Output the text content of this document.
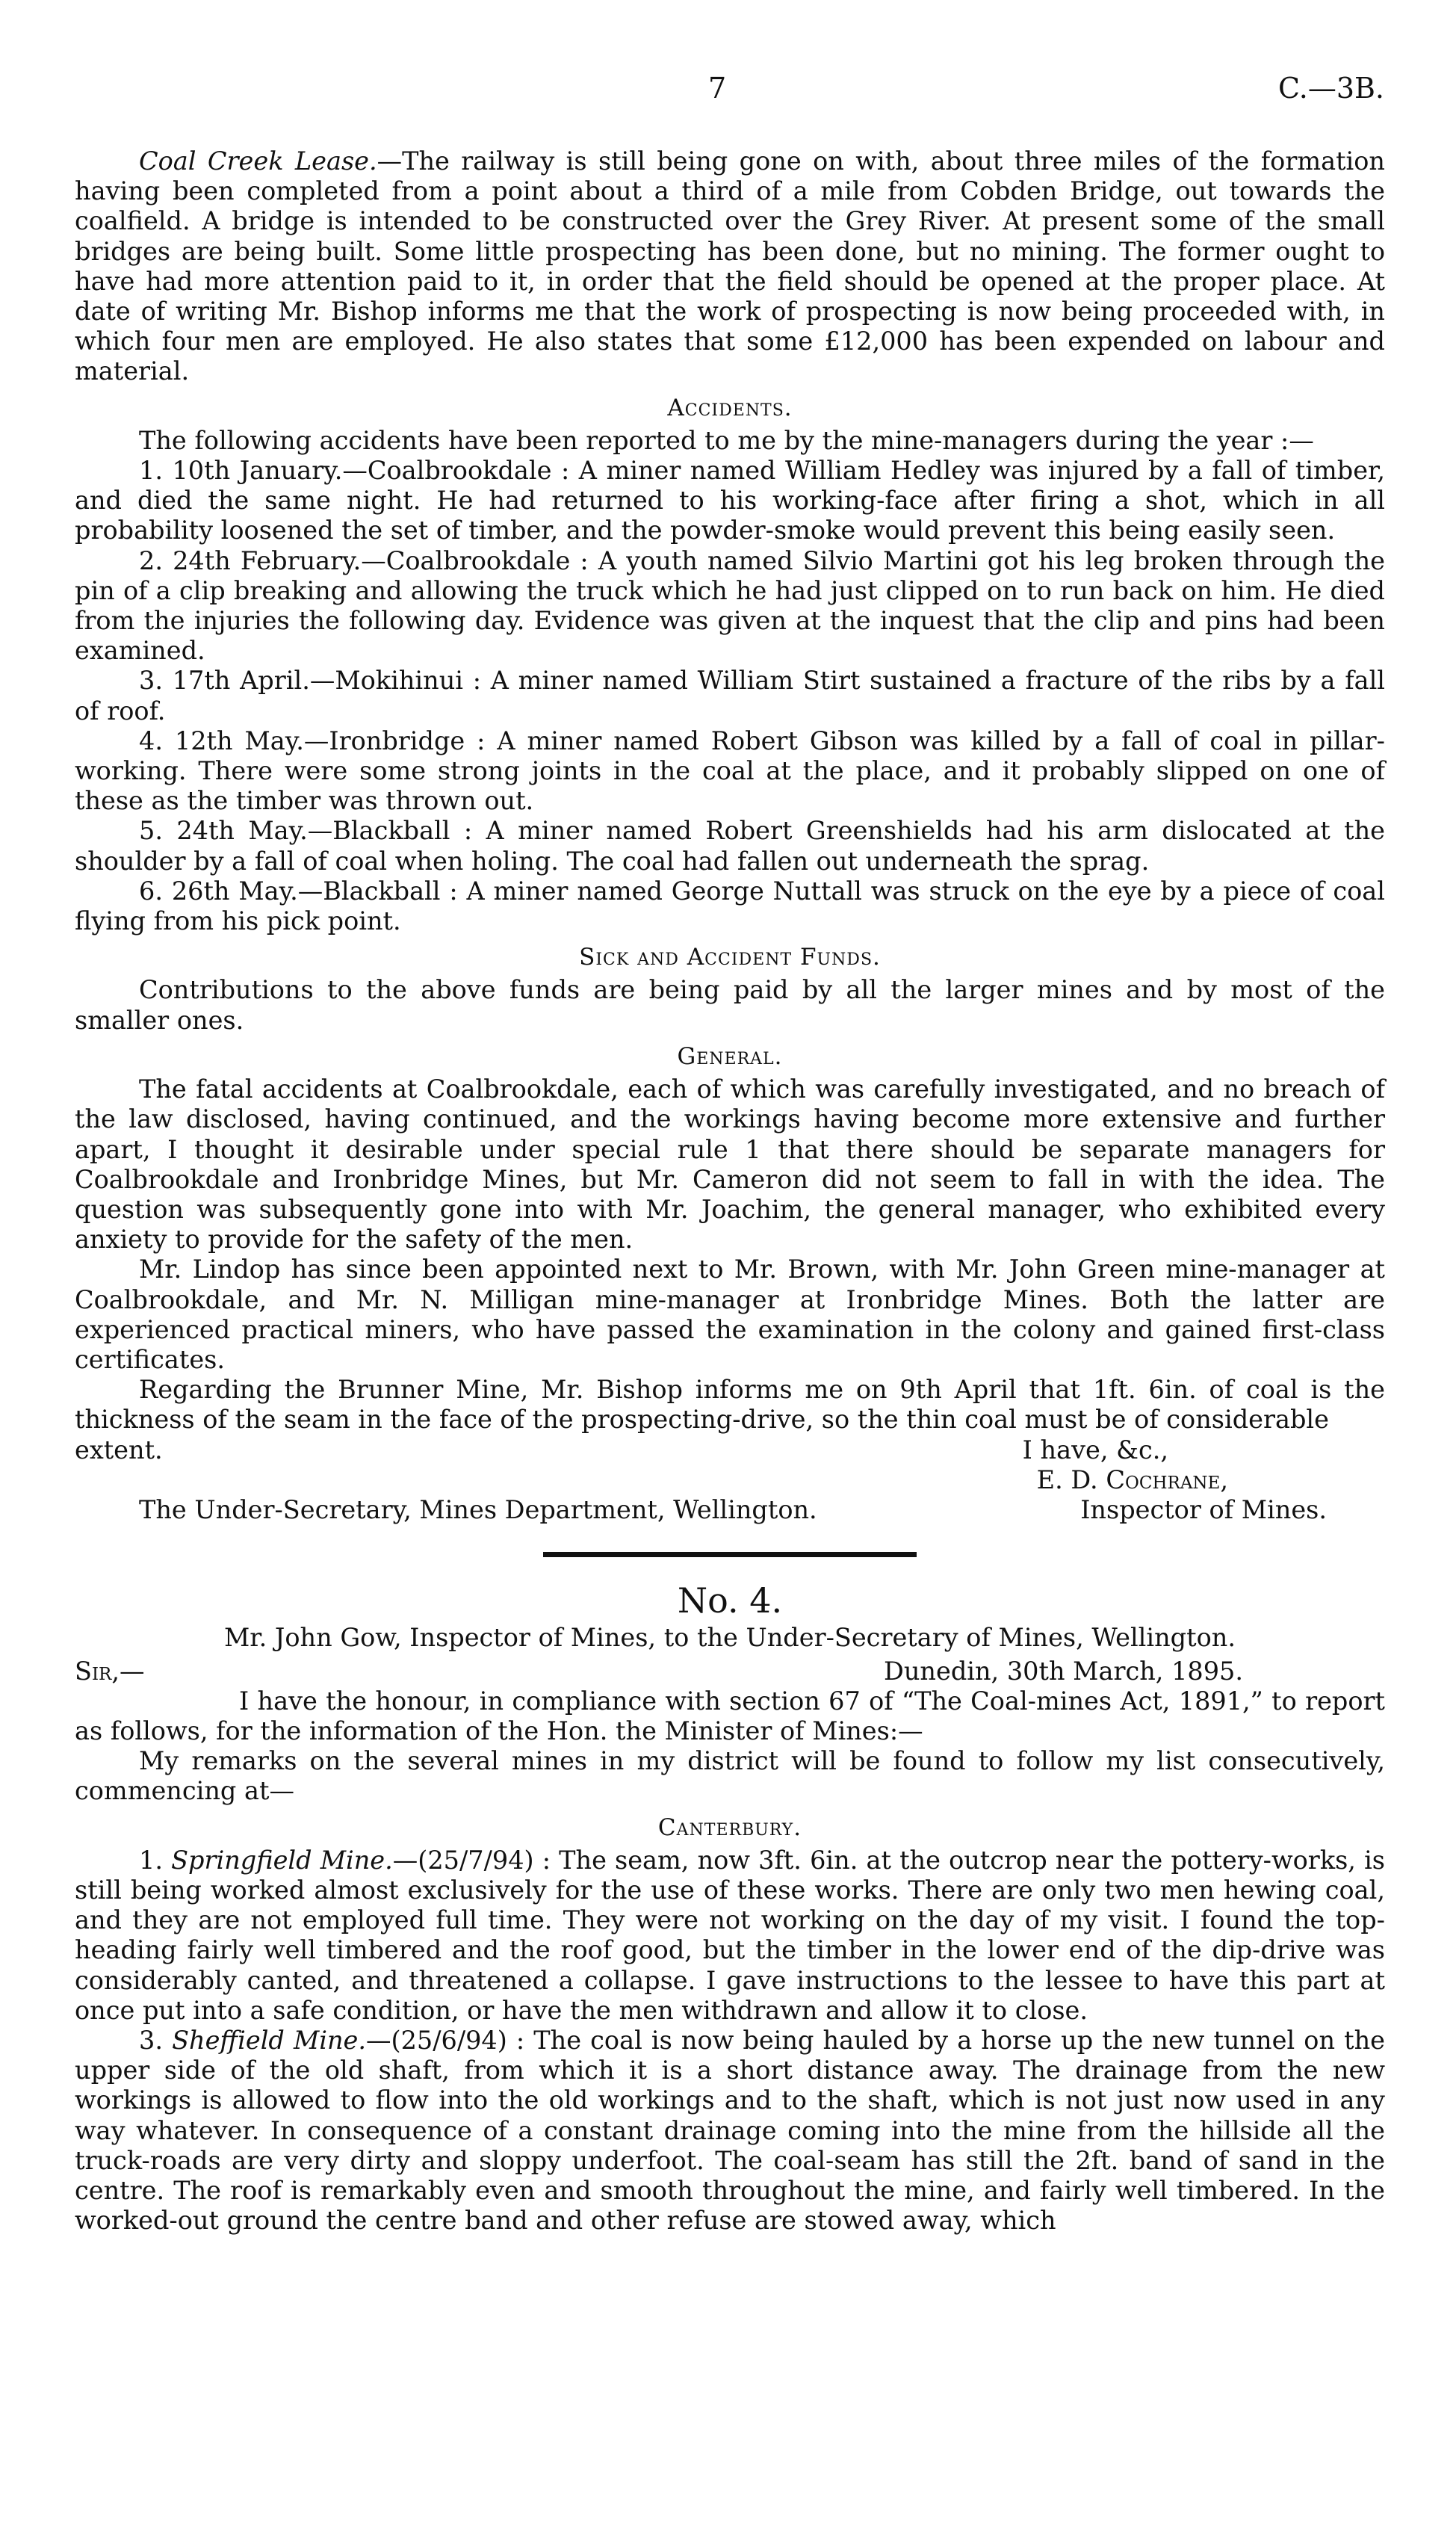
7	C.—3B.

Coal Creek Lease.—The railway is still being gone on with, about three miles of the formation having been completed from a point about a third of a mile from Cobden Bridge, out towards the coalfield. A bridge is intended to be constructed over the Grey River. At present some of the small bridges are being built. Some little prospecting has been done, but no mining. The former ought to have had more attention paid to it, in order that the field should be opened at the proper place. At date of writing Mr. Bishop informs me that the work of prospecting is now being proceeded with, in which four men are employed. He also states that some £12,000 has been expended on labour and material.

Accidents.

The following accidents have been reported to me by the mine-managers during the year :—

1. 10th January.—Coalbrookdale : A miner named William Hedley was injured by a fall of timber, and died the same night. He had returned to his working-face after firing a shot, which in all probability loosened the set of timber, and the powder-smoke would prevent this being easily seen.

2. 24th February.—Coalbrookdale : A youth named Silvio Martini got his leg broken through the pin of a clip breaking and allowing the truck which he had just clipped on to run back on him. He died from the injuries the following day. Evidence was given at the inquest that the clip and pins had been examined.

3. 17th April.—Mokihinui : A miner named William Stirt sustained a fracture of the ribs by a fall of roof.

4. 12th May.—Ironbridge : A miner named Robert Gibson was killed by a fall of coal in pillar-working. There were some strong joints in the coal at the place, and it probably slipped on one of these as the timber was thrown out.

5. 24th May.—Blackball : A miner named Robert Greenshields had his arm dislocated at the shoulder by a fall of coal when holing. The coal had fallen out underneath the sprag.

6. 26th May.—Blackball : A miner named George Nuttall was struck on the eye by a piece of coal flying from his pick point.

Sick and Accident Funds.

Contributions to the above funds are being paid by all the larger mines and by most of the smaller ones.

General.

The fatal accidents at Coalbrookdale, each of which was carefully investigated, and no breach of the law disclosed, having continued, and the workings having become more extensive and further apart, I thought it desirable under special rule 1 that there should be separate managers for Coalbrookdale and Ironbridge Mines, but Mr. Cameron did not seem to fall in with the idea. The question was subsequently gone into with Mr. Joachim, the general manager, who exhibited every anxiety to provide for the safety of the men.

Mr. Lindop has since been appointed next to Mr. Brown, with Mr. John Green mine-manager at Coalbrookdale, and Mr. N. Milligan mine-manager at Ironbridge Mines. Both the latter are experienced practical miners, who have passed the examination in the colony and gained first-class certificates.

Regarding the Brunner Mine, Mr. Bishop informs me on 9th April that 1ft. 6in. of coal is the thickness of the seam in the face of the prospecting-drive, so the thin coal must be of considerable

extent.	I have, &c.,
E. D. Cochrane,
The Under-Secretary, Mines Department, Wellington.	Inspector of Mines.
No. 4.
Mr. John Gow, Inspector of Mines, to the Under-Secretary of Mines, Wellington.
Sir,—	Dunedin, 30th March, 1895.

I have the honour, in compliance with section 67 of “The Coal-mines Act, 1891,” to report as follows, for the information of the Hon. the Minister of Mines:—

My remarks on the several mines in my district will be found to follow my list consecutively, commencing at—

Canterbury.

1. Springfield Mine.—(25/7/94) : The seam, now 3ft. 6in. at the outcrop near the pottery-works, is still being worked almost exclusively for the use of these works. There are only two men hewing coal, and they are not employed full time. They were not working on the day of my visit. I found the top-heading fairly well timbered and the roof good, but the timber in the lower end of the dip-drive was considerably canted, and threatened a collapse. I gave instructions to the lessee to have this part at once put into a safe condition, or have the men withdrawn and allow it to close.

3. Sheffield Mine.—(25/6/94) : The coal is now being hauled by a horse up the new tunnel on the upper side of the old shaft, from which it is a short distance away. The drainage from the new workings is allowed to flow into the old workings and to the shaft, which is not just now used in any way whatever. In consequence of a constant drainage coming into the mine from the hillside all the truck-roads are very dirty and sloppy underfoot. The coal-seam has still the 2ft. band of sand in the centre. The roof is remarkably even and smooth throughout the mine, and fairly well timbered. In the worked-out ground the centre band and other refuse are stowed away, which
